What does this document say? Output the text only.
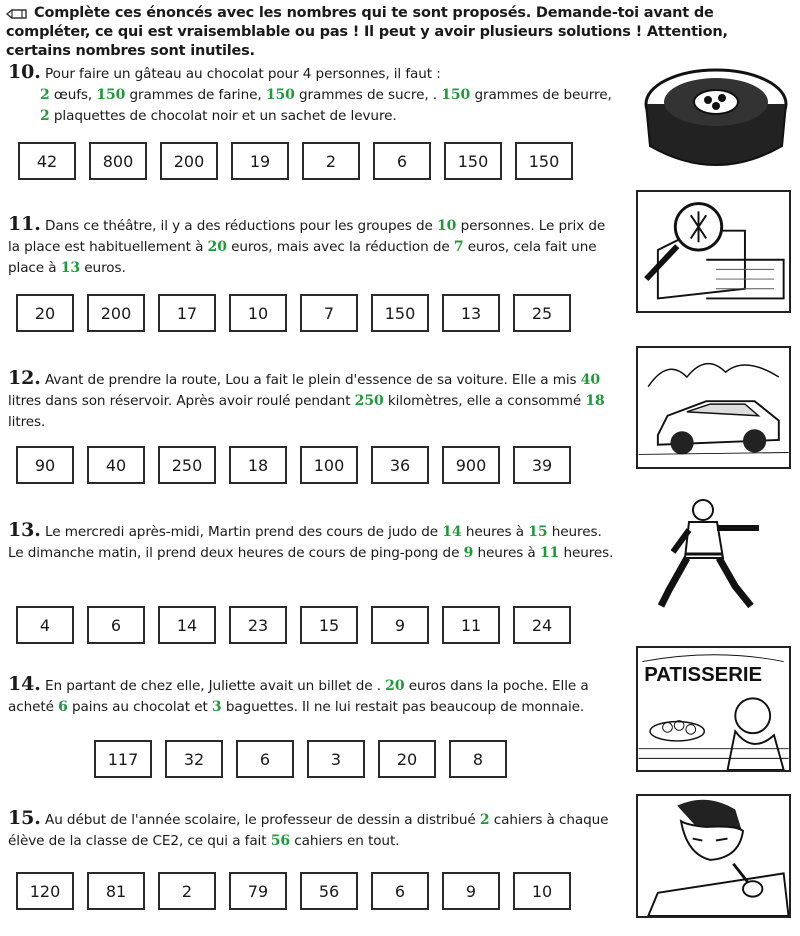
Complète ces énoncés avec les nombres qui te sont proposés. Demande-toi avant de compléter, ce qui est vraisemblable ou pas ! Il peut y avoir plusieurs solutions ! Attention, certains nombres sont inutiles.
10. Pour faire un gâteau au chocolat pour 4 personnes, il faut :
2 œufs, 150 grammes de farine, 150 grammes de sucre, . 150 grammes de beurre,
2 plaquettes de chocolat noir et un sachet de levure.
42	800	200	19	2	6	150	150
11. Dans ce théâtre, il y a des réductions pour les groupes de 10 personnes. Le prix de la place est habituellement à 20 euros, mais avec la réduction de 7 euros, cela fait une place à 13 euros.
20	200	17	10	7	150	13	25
12. Avant de prendre la route, Lou a fait le plein d'essence de sa voiture. Elle a mis 40 litres dans son réservoir. Après avoir roulé pendant 250 kilomètres, elle a consommé 18 litres.
90	40	250	18	100	36	900	39
13. Le mercredi après-midi, Martin prend des cours de judo de 14 heures à 15 heures. Le dimanche matin, il prend deux heures de cours de ping-pong de 9 heures à 11 heures.
4	6	14	23	15	9	11	24
14. En partant de chez elle, Juliette avait un billet de . 20 euros dans la poche. Elle a acheté 6 pains au chocolat et 3 baguettes. Il ne lui restait pas beaucoup de monnaie.
117	32	6	3	20	8
PATISSERIE
15. Au début de l'année scolaire, le professeur de dessin a distribué 2 cahiers à chaque élève de la classe de CE2, ce qui a fait 56 cahiers en tout.
120	81	2	79	56	6	9	10
